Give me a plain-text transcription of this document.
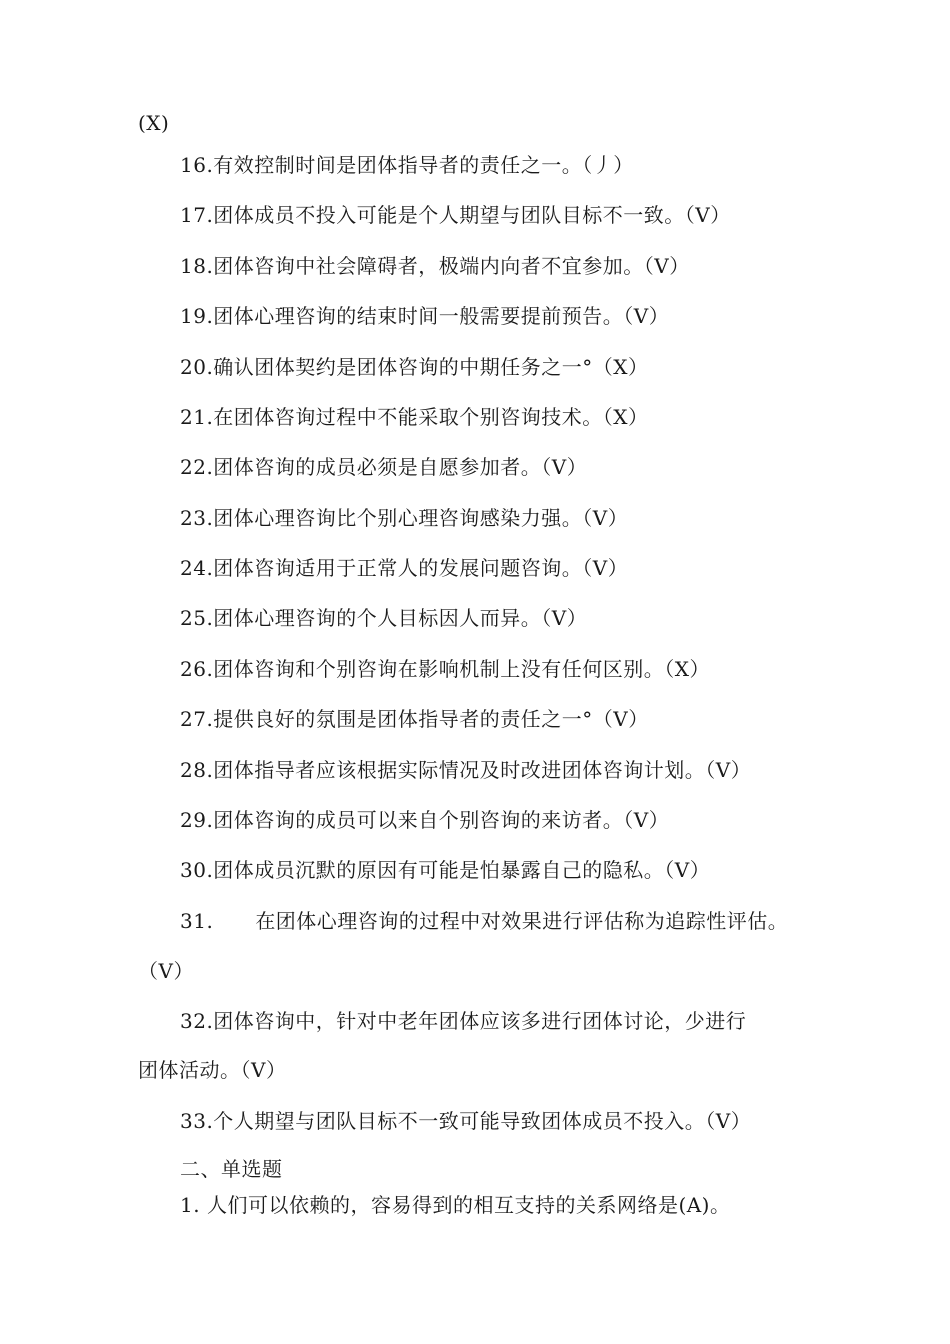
(X)
16.有效控制时间是团体指导者的责任之一。（丿）
17.团体成员不投入可能是个人期望与团队目标不一致。（V）
18.团体咨询中社会障碍者，极端内向者不宜参加。（V）
19.团体心理咨询的结束时间一般需要提前预告。（V）
20.确认团体契约是团体咨询的中期任务之一°（X）
21.在团体咨询过程中不能采取个别咨询技术。（X）
22.团体咨询的成员必须是自愿参加者。（V）
23.团体心理咨询比个别心理咨询感染力强。（V）
24.团体咨询适用于正常人的发展问题咨询。（V）
25.团体心理咨询的个人目标因人而异。（V）
26.团体咨询和个别咨询在影响机制上没有任何区别。（X）
27.提供良好的氛围是团体指导者的责任之一°（V）
28.团体指导者应该根据实际情况及时改进团体咨询计划。（V）
29.团体咨询的成员可以来自个别咨询的来访者。（V）
30.团体成员沉默的原因有可能是怕暴露自己的隐私。（V）
31. 在团体心理咨询的过程中对效果进行评估称为追踪性评估。
（V）
32.团体咨询中，针对中老年团体应该多进行团体讨论，少进行
团体活动。（V）
33.个人期望与团队目标不一致可能导致团体成员不投入。（V）
二、单选题
1. 人们可以依赖的，容易得到的相互支持的关系网络是(A)。
